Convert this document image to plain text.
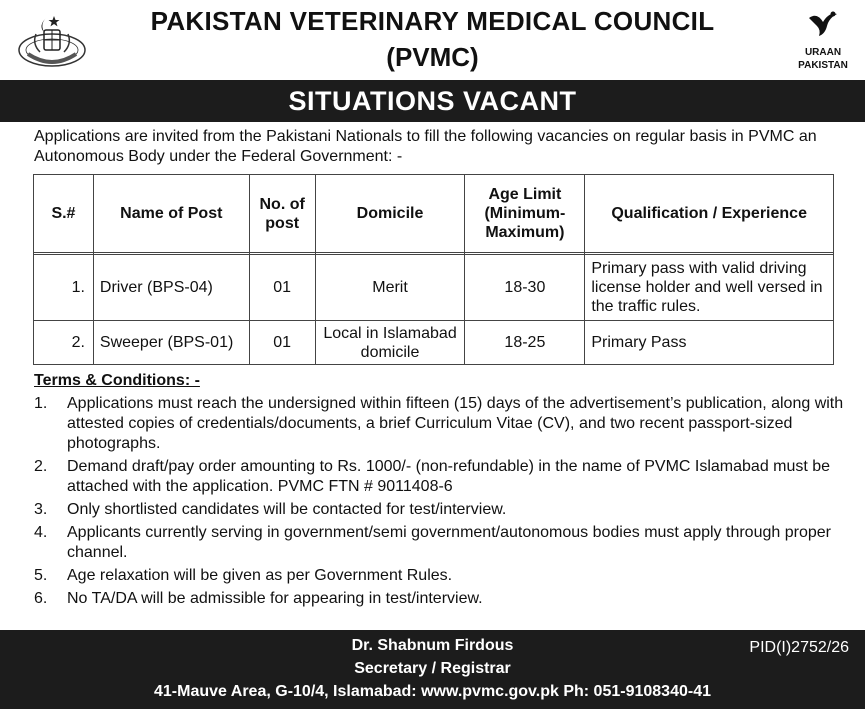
PAKISTAN VETERINARY MEDICAL COUNCIL
(PVMC)	URAAN
PAKISTAN
SITUATIONS VACANT
Applications are invited from the Pakistani Nationals to fill the following vacancies on regular basis in PVMC an Autonomous Body under the Federal Government: -
S.#	Name of Post	No. of post	Domicile	Age Limit (Minimum-Maximum)	Qualification / Experience

1.	Driver (BPS-04)	01	Merit	18-30	Primary pass with valid driving license holder and well versed in the traffic rules.
2.	Sweeper (BPS-01)	01	Local in Islamabad domicile	18-25	Primary Pass
Terms & Conditions: -
1.	Applications must reach the undersigned within fifteen (15) days of the advertisement’s publication, along with attested copies of credentials/documents, a brief Curriculum Vitae (CV), and two recent passport-sized photographs.
2.	Demand draft/pay order amounting to Rs. 1000/- (non-refundable) in the name of PVMC Islamabad must be attached with the application. PVMC FTN # 9011408-6
3.	Only shortlisted candidates will be contacted for test/interview.
4.	Applicants currently serving in government/semi government/autonomous bodies must apply through proper channel.
5.	Age relaxation will be given as per Government Rules.
6.	No TA/DA will be admissible for appearing in test/interview.
Dr. Shabnum Firdous
Secretary / Registrar
41-Mauve Area, G-10/4, Islamabad: www.pvmc.gov.pk Ph: 051-9108340-41
PID(I)2752/26
